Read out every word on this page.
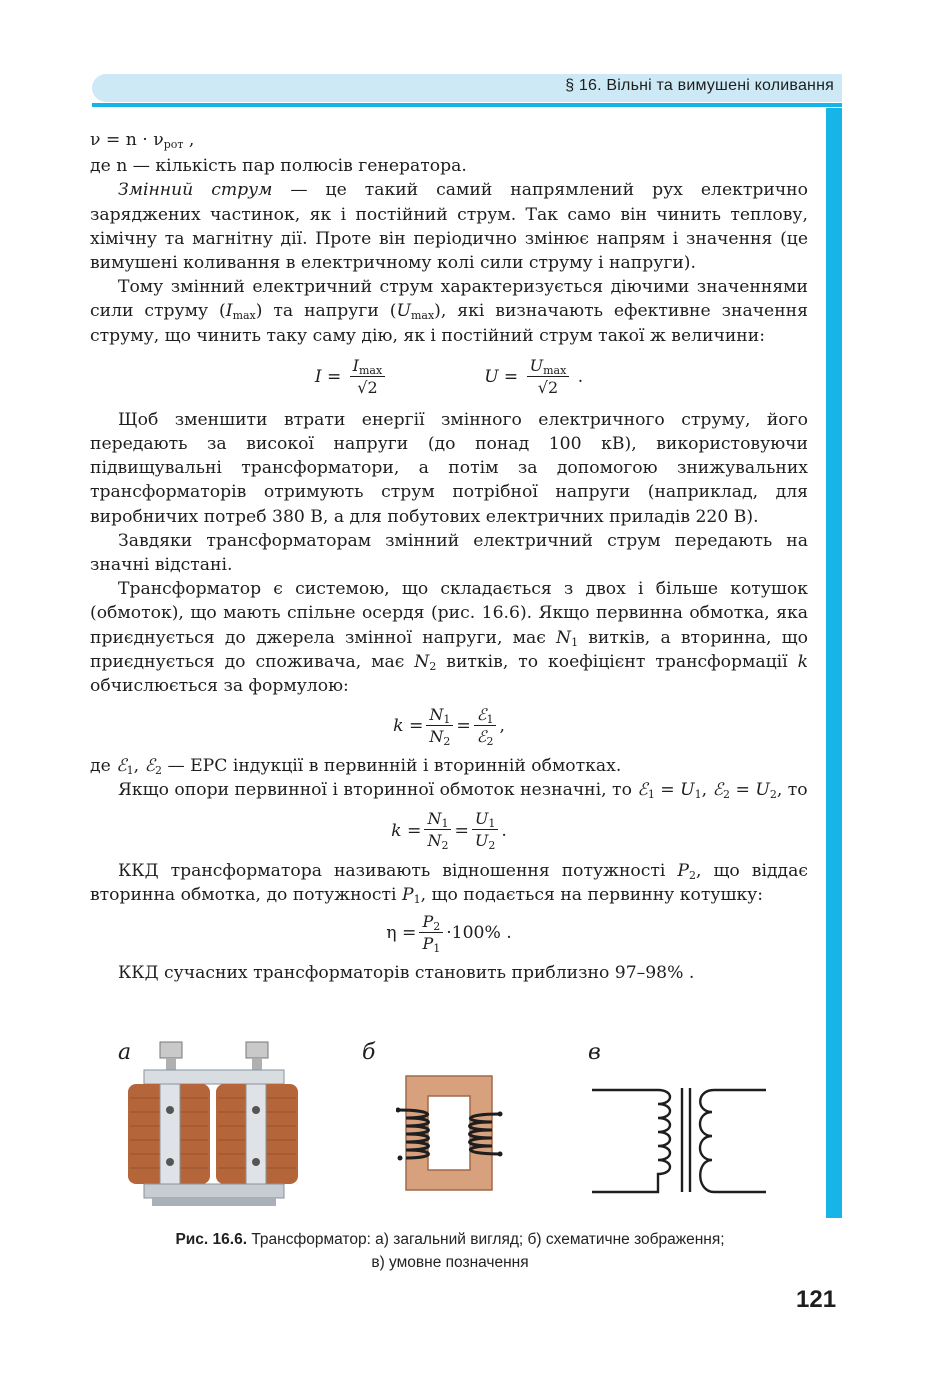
§ 16. Вільні та вимушені коливання

$\nu = n \cdot \nu_{рот}$ ,

де n — кількість пар полюсів генератора.

Змінний струм — це такий самий напрямлений рух електрично заряджених частинок, як і постійний струм. Так само він чинить теплову, хімічну та магнітну дії. Проте він періодично змінює напрям і значення (це вимушені коливання в електричному колі сили струму і напруги).

Тому змінний електричний струм характеризується діючими значеннями сили струму $(I_{max})$ та напруги $(U_{max})$, які визначають ефективне значення струму, що чинить таку саму дію, як і постійний струм такої ж величини:

$I = \frac{I_{max}}{√2}$	$U = \frac{U_{max}}{√2}$ .

Щоб зменшити втрати енергії змінного електричного струму, його передають за високої напруги (до понад 100 кВ), використовуючи підвищувальні трансформатори, а потім за допомогою знижувальних трансформаторів отримують струм потрібної напруги (наприклад, для виробничих потреб 380 В, а для побутових електричних приладів 220 В).

Завдяки трансформаторам змінний електричний струм передають на значні відстані.

Трансформатор є системою, що складається з двох і більше котушок (обмоток), що мають спільне осердя (рис. 16.6). Якщо первинна обмотка, яка приєднується до джерела змінної напруги, має $N_1$ витків, а вторинна, що приєднується до споживача, має $N_2$ витків, то коефіцієнт трансформації k обчислюється за формулою:

$k = \frac{N_1}{N_2} = \frac{ℰ_1}{ℰ_2}$ ,

де ℰ$_1$, ℰ$_2$ — ЕРС індукції в первинній і вторинній обмотках.

Якщо опори первинної і вторинної обмоток незначні, то ℰ$_1$ = $U_1$, ℰ$_2$ = $U_2$, то

$k = \frac{N_1}{N_2} = \frac{U_1}{U_2}$ .

ККД трансформатора називають відношення потужності $P_2$, що віддає вторинна обмотка, до потужності $P_1$, що подається на первинну котушку:

$\eta = \frac{P_2}{P_1} \cdot 100\%$ .

ККД сучасних трансформаторів становить приблизно 97–98% .

а	б	в
Рис. 16.6. Трансформатор: а) загальний вигляд; б) схематичне зображення;
в) умовне позначення
121
